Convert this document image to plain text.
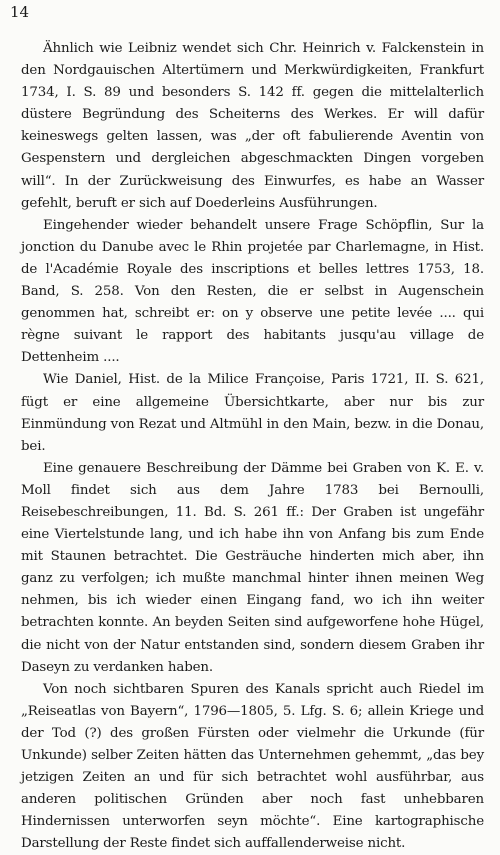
14

Ähnlich wie Leibniz wendet sich Chr. Heinrich v. Falckenstein in den Nordgauischen Altertümern und Merkwürdigkeiten, Frankfurt 1734, I. S. 89 und besonders S. 142 ff. gegen die mittelalterlich düstere Begründung des Scheiterns des Werkes. Er will dafür keineswegs gelten lassen, was „der oft fabulierende Aventin von Gespenstern und dergleichen abgeschmackten Dingen vorgeben will“. In der Zurückweisung des Einwurfes, es habe an Wasser gefehlt, beruft er sich auf Doederleins Ausführungen.

Eingehender wieder behandelt unsere Frage Schöpflin, Sur la jonction du Danube avec le Rhin projetée par Charlemagne, in Hist. de l'Académie Royale des inscriptions et belles lettres 1753, 18. Band, S. 258. Von den Resten, die er selbst in Augenschein genommen hat, schreibt er: on y observe une petite levée .... qui règne suivant le rapport des habitants jusqu'au village de Dettenheim ....

Wie Daniel, Hist. de la Milice Françoise, Paris 1721, II. S. 621, fügt er eine allgemeine Übersichtkarte, aber nur bis zur Einmündung von Rezat und Altmühl in den Main, bezw. in die Donau, bei.

Eine genauere Beschreibung der Dämme bei Graben von K. E. v. Moll findet sich aus dem Jahre 1783 bei Bernoulli, Reisebeschreibungen, 11. Bd. S. 261 ff.: Der Graben ist ungefähr eine Viertelstunde lang, und ich habe ihn von Anfang bis zum Ende mit Staunen betrachtet. Die Gesträuche hinderten mich aber, ihn ganz zu verfolgen; ich mußte manchmal hinter ihnen meinen Weg nehmen, bis ich wieder einen Eingang fand, wo ich ihn weiter betrachten konnte. An beyden Seiten sind aufgeworfene hohe Hügel, die nicht von der Natur entstanden sind, sondern diesem Graben ihr Daseyn zu verdanken haben.

Von noch sichtbaren Spuren des Kanals spricht auch Riedel im „Reiseatlas von Bayern“, 1796—1805, 5. Lfg. S. 6; allein Kriege und der Tod (?) des großen Fürsten oder vielmehr die Urkunde (für Unkunde) selber Zeiten hätten das Unternehmen gehemmt, „das bey jetzigen Zeiten an und für sich betrachtet wohl ausführbar, aus anderen politischen Gründen aber noch fast unhebbaren Hindernissen unterworfen seyn möchte“. Eine kartographische Darstellung der Reste findet sich auffallenderweise nicht.
